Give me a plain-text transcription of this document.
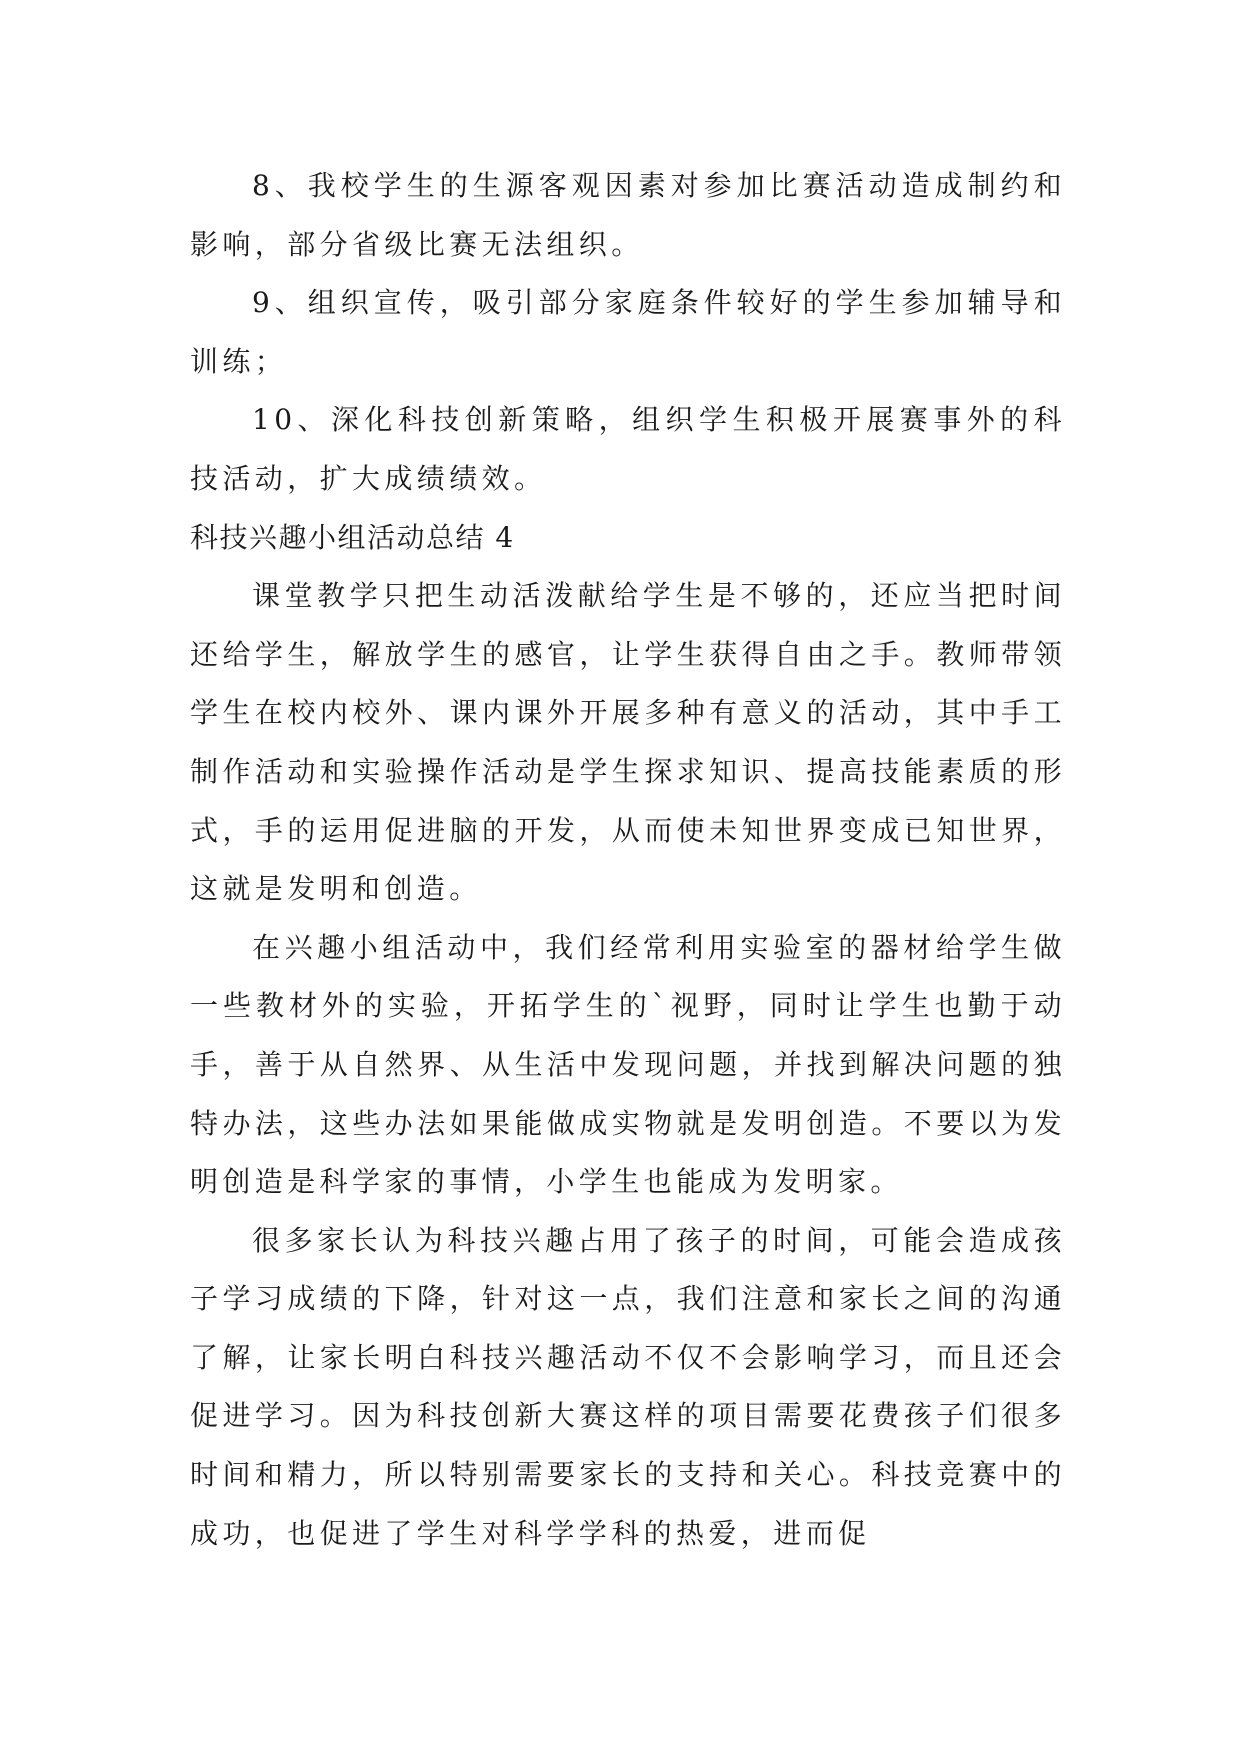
8、我校学生的生源客观因素对参加比赛活动造成制约和影响，部分省级比赛无法组织。

9、组织宣传，吸引部分家庭条件较好的学生参加辅导和训练；

10、深化科技创新策略，组织学生积极开展赛事外的科技活动，扩大成绩绩效。

科技兴趣小组活动总结 4

课堂教学只把生动活泼献给学生是不够的，还应当把时间还给学生，解放学生的感官，让学生获得自由之手。教师带领学生在校内校外、课内课外开展多种有意义的活动，其中手工制作活动和实验操作活动是学生探求知识、提高技能素质的形式，手的运用促进脑的开发，从而使未知世界变成已知世界，这就是发明和创造。

在兴趣小组活动中，我们经常利用实验室的器材给学生做一些教材外的实验，开拓学生的`视野，同时让学生也勤于动手，善于从自然界、从生活中发现问题，并找到解决问题的独特办法，这些办法如果能做成实物就是发明创造。不要以为发明创造是科学家的事情，小学生也能成为发明家。

很多家长认为科技兴趣占用了孩子的时间，可能会造成孩子学习成绩的下降，针对这一点，我们注意和家长之间的沟通了解，让家长明白科技兴趣活动不仅不会影响学习，而且还会促进学习。因为科技创新大赛这样的项目需要花费孩子们很多时间和精力，所以特别需要家长的支持和关心。科技竞赛中的成功，也促进了学生对科学学科的热爱，进而促
